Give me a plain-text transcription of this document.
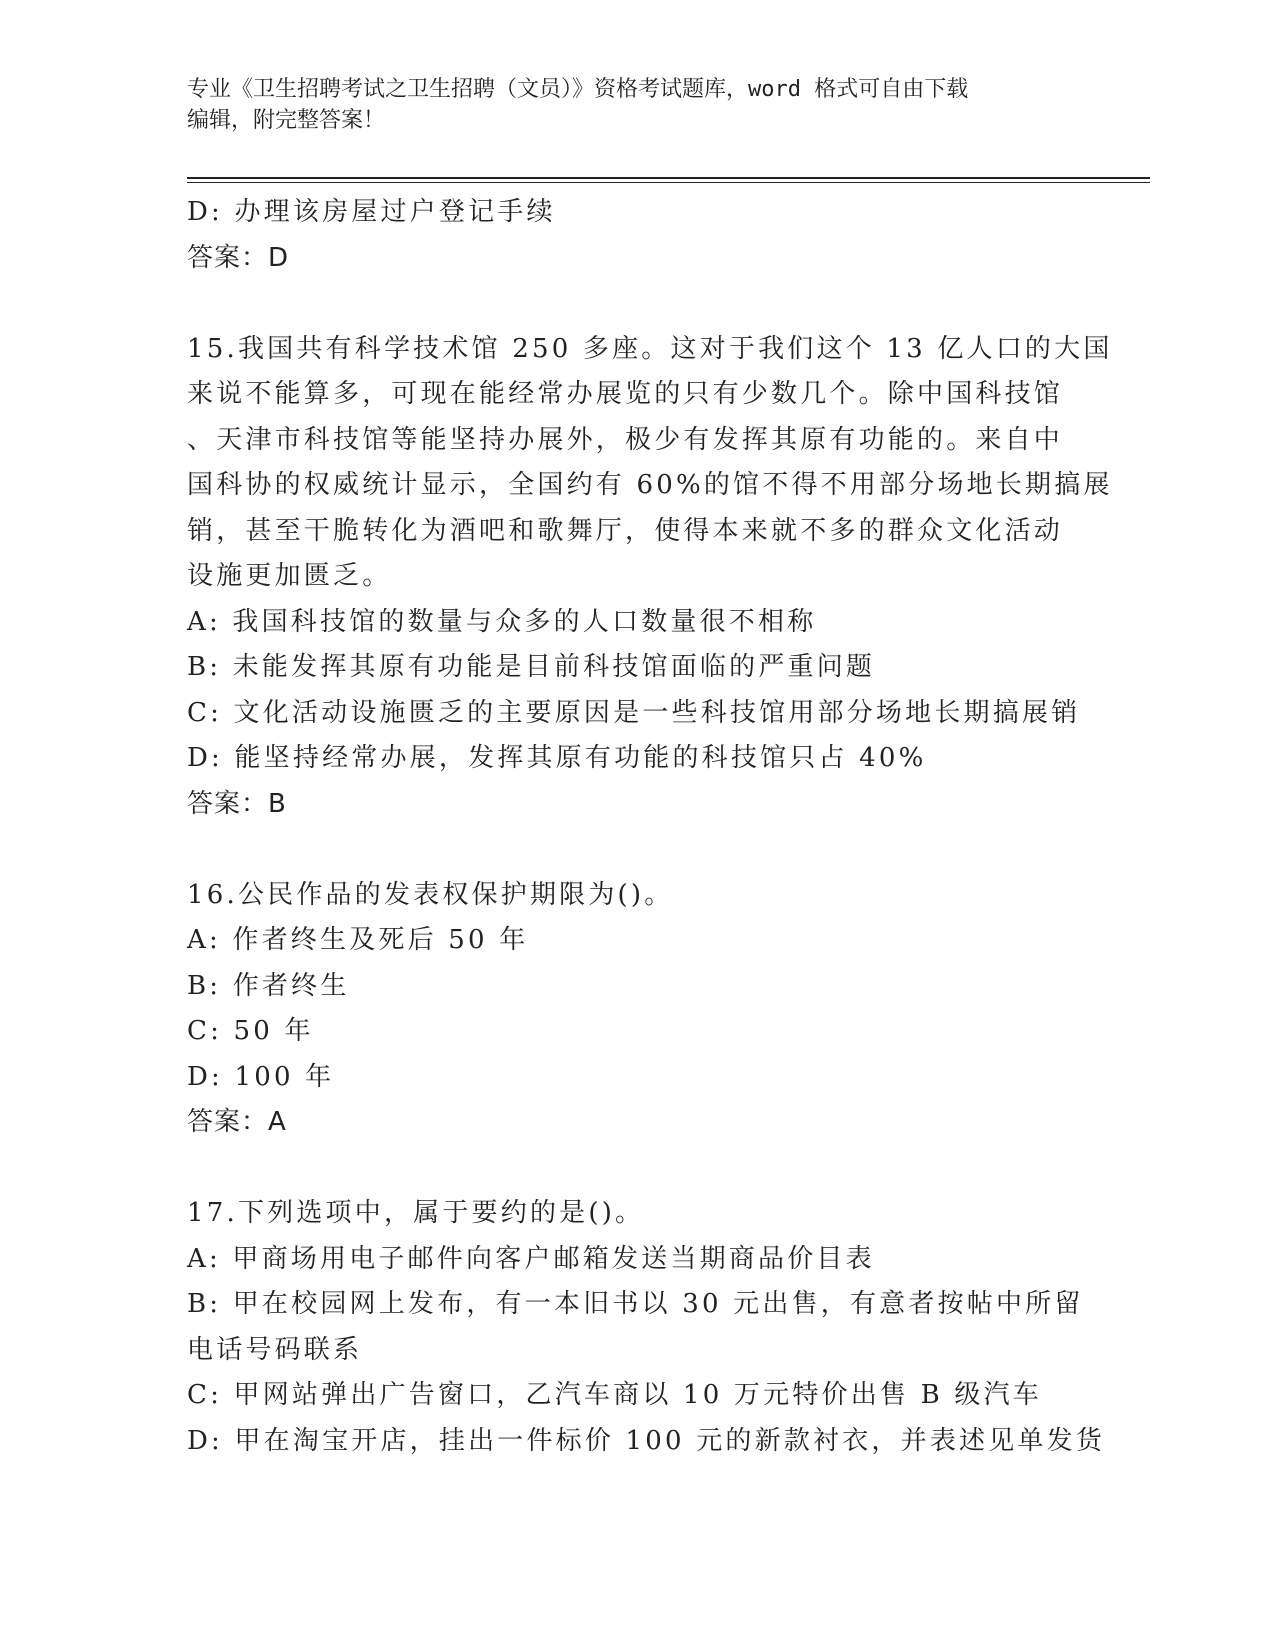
专业《卫生招聘考试之卫生招聘（文员）》资格考试题库，word 格式可自由下载
编辑，附完整答案！
D: 办理该房屋过户登记手续
答案：D
15.我国共有科学技术馆 250 多座。这对于我们这个 13 亿人口的大国
来说不能算多，可现在能经常办展览的只有少数几个。除中国科技馆
、天津市科技馆等能坚持办展外，极少有发挥其原有功能的。来自中
国科协的权威统计显示，全国约有 60%的馆不得不用部分场地长期搞展
销，甚至干脆转化为酒吧和歌舞厅，使得本来就不多的群众文化活动
设施更加匮乏。
A: 我国科技馆的数量与众多的人口数量很不相称
B: 未能发挥其原有功能是目前科技馆面临的严重问题
C: 文化活动设施匮乏的主要原因是一些科技馆用部分场地长期搞展销
D: 能坚持经常办展，发挥其原有功能的科技馆只占 40%
答案：B
16.公民作品的发表权保护期限为()。
A: 作者终生及死后 50 年
B: 作者终生
C: 50 年
D: 100 年
答案：A
17.下列选项中，属于要约的是()。
A: 甲商场用电子邮件向客户邮箱发送当期商品价目表
B: 甲在校园网上发布，有一本旧书以 30 元出售，有意者按帖中所留
电话号码联系
C: 甲网站弹出广告窗口，乙汽车商以 10 万元特价出售 B 级汽车
D: 甲在淘宝开店，挂出一件标价 100 元的新款衬衣，并表述见单发货
